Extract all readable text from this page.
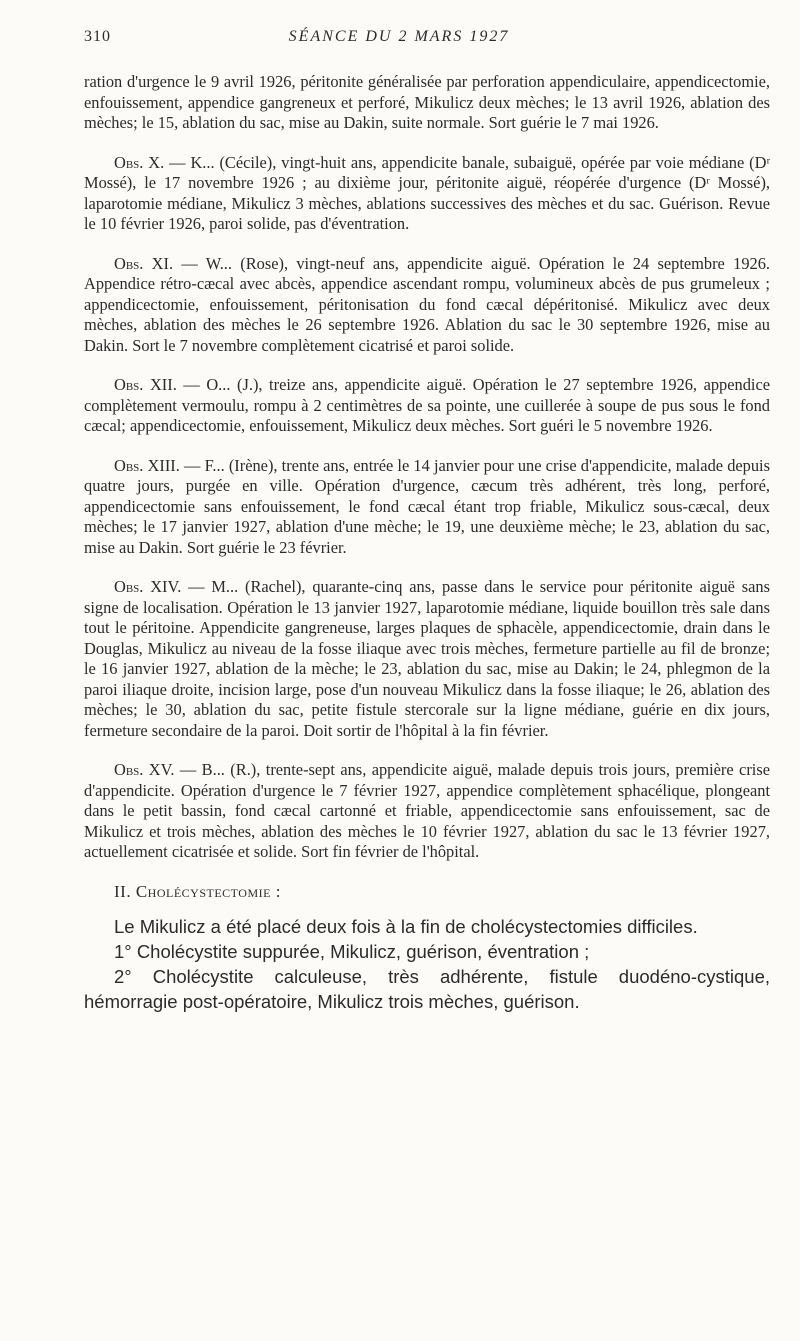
310	SÉANCE DU 2 MARS 1927

ration d'urgence le 9 avril 1926, péritonite généralisée par perforation appendiculaire, appendicectomie, enfouissement, appendice gangreneux et perforé, Mikulicz deux mèches; le 13 avril 1926, ablation des mèches; le 15, ablation du sac, mise au Dakin, suite normale. Sort guérie le 7 mai 1926.

Obs. X. — K... (Cécile), vingt-huit ans, appendicite banale, subaiguë, opérée par voie médiane (Dʳ Mossé), le 17 novembre 1926 ; au dixième jour, péritonite aiguë, réopérée d'urgence (Dʳ Mossé), laparotomie médiane, Mikulicz 3 mèches, ablations successives des mèches et du sac. Guérison. Revue le 10 février 1926, paroi solide, pas d'éventration.

Obs. XI. — W... (Rose), vingt-neuf ans, appendicite aiguë. Opération le 24 septembre 1926. Appendice rétro-cæcal avec abcès, appendice ascendant rompu, volumineux abcès de pus grumeleux ; appendicectomie, enfouissement, péritonisation du fond cæcal dépéritonisé. Mikulicz avec deux mèches, ablation des mèches le 26 septembre 1926. Ablation du sac le 30 septembre 1926, mise au Dakin. Sort le 7 novembre complètement cicatrisé et paroi solide.

Obs. XII. — O... (J.), treize ans, appendicite aiguë. Opération le 27 septembre 1926, appendice complètement vermoulu, rompu à 2 centimètres de sa pointe, une cuillerée à soupe de pus sous le fond cæcal; appendicectomie, enfouissement, Mikulicz deux mèches. Sort guéri le 5 novembre 1926.

Obs. XIII. — F... (Irène), trente ans, entrée le 14 janvier pour une crise d'appendicite, malade depuis quatre jours, purgée en ville. Opération d'urgence, cæcum très adhérent, très long, perforé, appendicectomie sans enfouissement, le fond cæcal étant trop friable, Mikulicz sous-cæcal, deux mèches; le 17 janvier 1927, ablation d'une mèche; le 19, une deuxième mèche; le 23, ablation du sac, mise au Dakin. Sort guérie le 23 février.

Obs. XIV. — M... (Rachel), quarante-cinq ans, passe dans le service pour péritonite aiguë sans signe de localisation. Opération le 13 janvier 1927, laparotomie médiane, liquide bouillon très sale dans tout le péritoine. Appendicite gangreneuse, larges plaques de sphacèle, appendicectomie, drain dans le Douglas, Mikulicz au niveau de la fosse iliaque avec trois mèches, fermeture partielle au fil de bronze; le 16 janvier 1927, ablation de la mèche; le 23, ablation du sac, mise au Dakin; le 24, phlegmon de la paroi iliaque droite, incision large, pose d'un nouveau Mikulicz dans la fosse iliaque; le 26, ablation des mèches; le 30, ablation du sac, petite fistule stercorale sur la ligne médiane, guérie en dix jours, fermeture secondaire de la paroi. Doit sortir de l'hôpital à la fin février.

Obs. XV. — B... (R.), trente-sept ans, appendicite aiguë, malade depuis trois jours, première crise d'appendicite. Opération d'urgence le 7 février 1927, appendice complètement sphacélique, plongeant dans le petit bassin, fond cæcal cartonné et friable, appendicectomie sans enfouissement, sac de Mikulicz et trois mèches, ablation des mèches le 10 février 1927, ablation du sac le 13 février 1927, actuellement cicatrisée et solide. Sort fin février de l'hôpital.

II. Cholécystectomie :

Le Mikulicz a été placé deux fois à la fin de cholécystectomies difficiles.

1° Cholécystite suppurée, Mikulicz, guérison, éventration ;

2° Cholécystite calculeuse, très adhérente, fistule duodéno-cystique, hémorragie post-opératoire, Mikulicz trois mèches, guérison.
